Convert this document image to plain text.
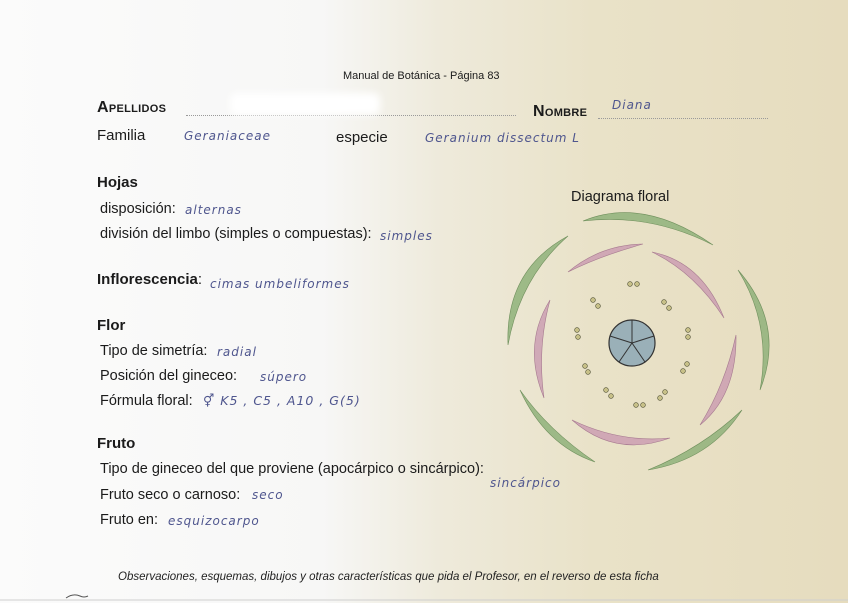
Manual de Botánica - Página 83
Apellidos	Nombre Diana
Familia	Geraniaceae	especie	Geranium dissectum L
Hojas
disposición: alternas
división del limbo (simples o compuestas): simples
Inflorescencia: cimas umbeliformes
Flor
Tipo de simetría: radial
Posición del gineceo: súpero
Fórmula floral: ⚥ K5 , C5 , A10 , G(5)
Fruto
Tipo de gineceo del que proviene (apocárpico o sincárpico):
sincárpico
Fruto seco o carnoso: seco
Fruto en: esquizocarpo
Diagrama floral
Observaciones, esquemas, dibujos y otras características que pida el Profesor, en el reverso de esta ficha
